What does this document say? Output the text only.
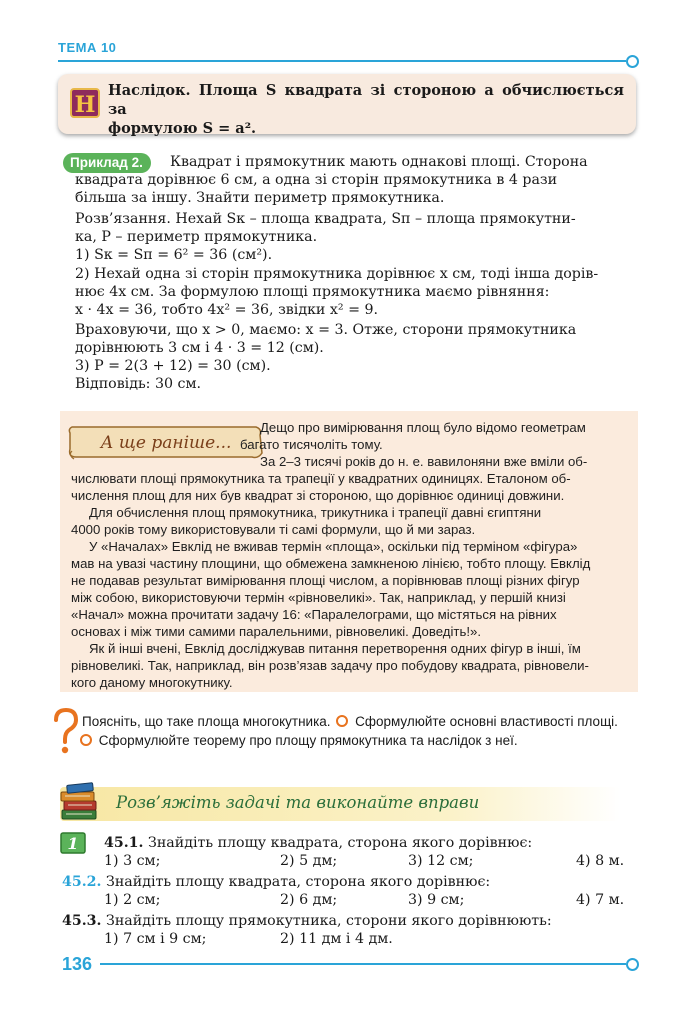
ТЕМА 10
Н
Наслідок. Площа S квадрата зі стороною a обчислюється за
формулою S = a².
Приклад 2.	Квадрат і прямокутник мають однакові площі. Сторона
квадрата дорівнює 6 см, а одна зі сторін прямокутника в 4 рази
більша за іншу. Знайти периметр прямокутника.
Розв’язання. Нехай Sк – площа квадрата, Sп – площа прямокутни-
ка, P – периметр прямокутника.
1) Sк = Sп = 6² = 36 (см²).
2) Нехай одна зі сторін прямокутника дорівнює x см, тоді інша дорів-
нює 4x см. За формулою площі прямокутника маємо рівняння:
x · 4x = 36, тобто 4x² = 36, звідки x² = 9.
Враховуючи, що x > 0, маємо: x = 3. Отже, сторони прямокутника
дорівнюють 3 см і 4 · 3 = 12 (см).
3) P = 2(3 + 12) = 30 (см).
Відповідь: 30 см.
А ще раніше...
Дещо про вимірювання площ було відомо геометрам
багато тисячоліть тому.
За 2–3 тисячі років до н. е. вавилоняни вже вміли об-
числювати площі прямокутника та трапеції у квадратних одиницях. Еталоном об-
числення площ для них був квадрат зі стороною, що дорівнює одиниці довжини.
Для обчислення площ прямокутника, трикутника і трапеції давні єгиптяни
4000 років тому використовували ті самі формули, що й ми зараз.
У «Началах» Евклід не вживав термін «площа», оскільки під терміном «фігура»
мав на увазі частину площини, що обмежена замкненою лінією, тобто площу. Евклід
не подавав результат вимірювання площі числом, а порівнював площі різних фігур
між собою, використовуючи термін «рівновеликі». Так, наприклад, у першій книзі
«Начал» можна прочитати задачу 16: «Паралелограми, що містяться на рівних
основах і між тими самими паралельними, рівновеликі. Доведіть!».
Як й інші вчені, Евклід досліджував питання перетворення одних фігур в інші, їм
рівновеликі. Так, наприклад, він розв’язав задачу про побудову квадрата, рівновели-
кого даному многокутнику.
Поясніть, що таке площа многокутника. Сформулюйте основні властивості площі.
Сформулюйте теорему про площу прямокутника та наслідок з неї.
Розв’яжіть задачі та виконайте вправи
1 45.1. Знайдіть площу квадрата, сторона якого дорівнює:
1) 3 см;	2) 5 дм;	3) 12 см;	4) 8 м.
45.2. Знайдіть площу квадрата, сторона якого дорівнює:
1) 2 см;	2) 6 дм;	3) 9 см;	4) 7 м.
45.3. Знайдіть площу прямокутника, сторони якого дорівнюють:
1) 7 см і 9 см;	2) 11 дм і 4 дм.
136
